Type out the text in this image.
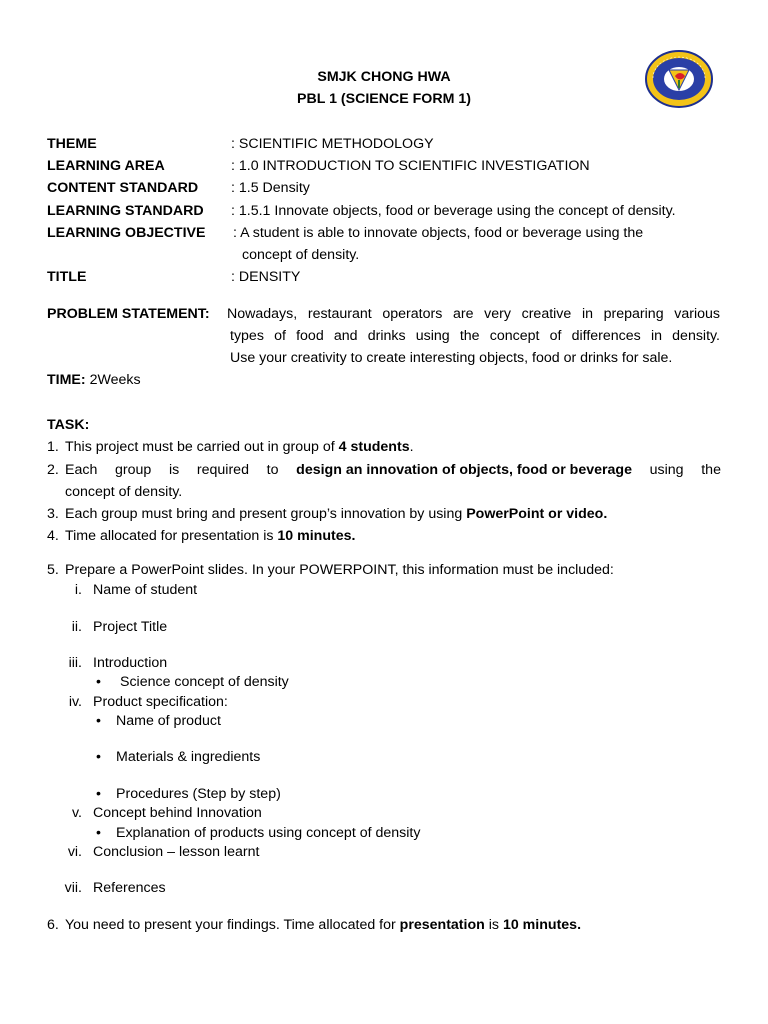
SMJK CHONG HWA
PBL 1 (SCIENCE FORM 1)
THEME	: SCIENTIFIC METHODOLOGY
LEARNING AREA	: 1.0 INTRODUCTION TO SCIENTIFIC INVESTIGATION
CONTENT STANDARD : 1.5 Density
LEARNING STANDARD : 1.5.1 Innovate objects, food or beverage using the concept of density.
LEARNING OBJECTIVE : A student is able to innovate objects, food or beverage using the
concept of density.
TITLE	: DENSITY
PROBLEM STATEMENT: Nowadays, restaurant operators are very creative in preparing various
types of food and drinks using the concept of differences in density.
Use your creativity to create interesting objects, food or drinks for sale.
TIME: 2Weeks
TASK:
1. This project must be carried out in group of 4 students.
2. Each group is required to design an innovation of objects, food or beverage using the
concept of density.
3. Each group must bring and present group’s innovation by using PowerPoint or video.
4. Time allocated for presentation is 10 minutes.
5. Prepare a PowerPoint slides. In your POWERPOINT, this information must be included:
i. Name of student
ii. Project Title
iii. Introduction
• Science concept of density
iv. Product specification:
• Name of product
• Materials & ingredients
• Procedures (Step by step)
v. Concept behind Innovation
• Explanation of products using concept of density
vi. Conclusion – lesson learnt
vii. References
6. You need to present your findings. Time allocated for presentation is 10 minutes.
